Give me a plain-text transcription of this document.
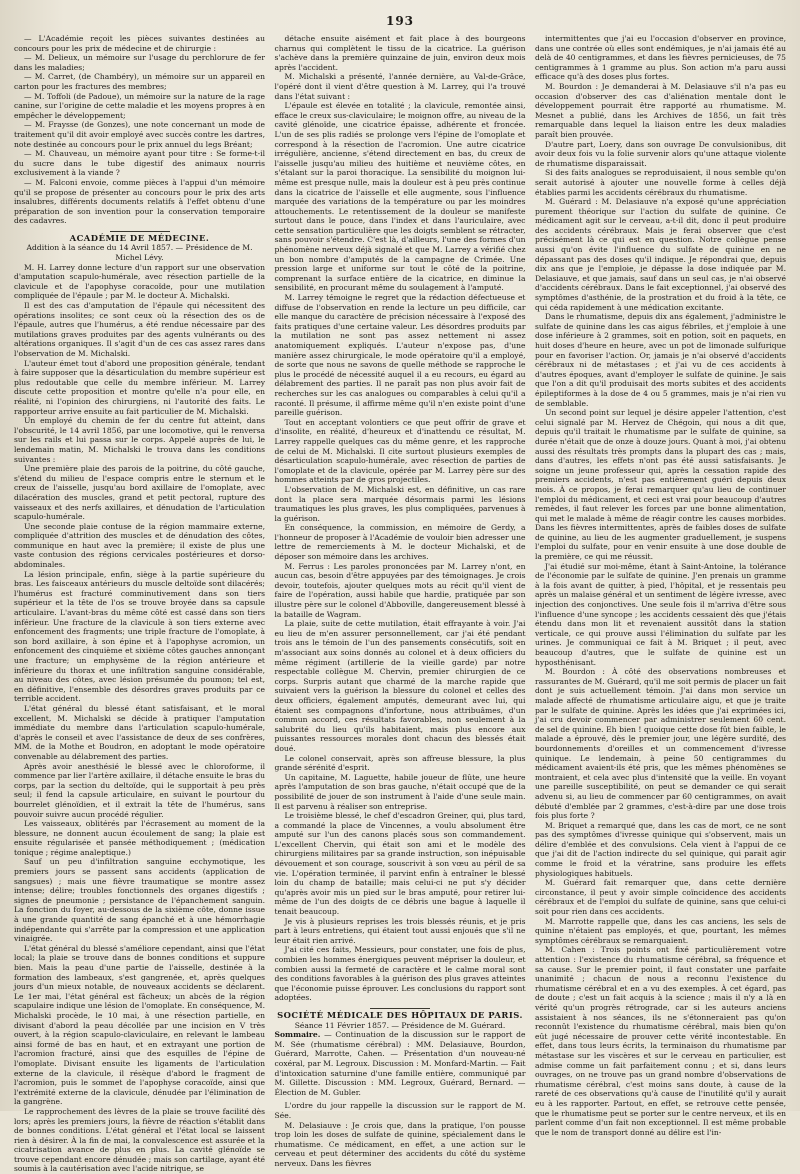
193

— L'Académie reçoit les pièces suivantes destinées au concours pour les prix de médecine et de chirurgie :

— M. Delieux, un mémoire sur l'usage du perchlorure de fer dans les maladies;

— M. Carret, (de Chambéry), un mémoire sur un appareil en carton pour les fractures des membres;

— M. Toffoli (de Padoue), un mémoire sur la nature de la rage canine, sur l'origine de cette maladie et les moyens propres à en empêcher le développement;

— M. Fraysse (de Gonzes), une note concernant un mode de traitement qu'il dit avoir employé avec succès contre les dartres, note destinée au concours pour le prix annuel du legs Bréant;

— M. Chauveau, un mémoire ayant pour titre : Se forme-t-il du sucre dans le tube digestif des animaux nourris exclusivement à la viande ?

— M. Falconi envoie, comme pièces à l'appui d'un mémoire qu'il se propose de présenter au concours pour le prix des arts insalubres, différents documents relatifs à l'effet obtenu d'une préparation de son invention pour la conservation temporaire des cadavres.

ACADÉMIE DE MÉDECINE.

Addition à la séance du 14 Avril 1857. — Présidence de M. Michel Lévy.

M. H. Larrey donne lecture d'un rapport sur une observation d'amputation scapulo-humérale, avec résection partielle de la clavicule et de l'apophyse coracoïde, pour une mutilation compliquée de l'épaule ; par M. le docteur A. Michalski.

Il est des cas d'amputation de l'épaule qui nécessitent des opérations insolites; ce sont ceux où la résection des os de l'épaule, autres que l'humérus, a été rendue nécessaire par des mutilations graves produites par des agents vulnérants ou des altérations organiques. Il s'agit d'un de ces cas assez rares dans l'observation de M. Michalski.

L'auteur émet tout d'abord une proposition générale, tendant à faire supposer que la désarticulation du membre supérieur est plus redoutable que celle du membre inférieur. M. Larrey discute cette proposition et montre qu'elle n'a pour elle, en réalité, ni l'opinion des chirurgiens, ni l'autorité des faits. Le rapporteur arrive ensuite au fait particulier de M. Michalski.

Un employé du chemin de fer du centre fut atteint, dans l'obscurité, le 14 avril 1856, par une locomotive, qui le renversa sur les rails et lui passa sur le corps. Appelé auprès de lui, le lendemain matin, M. Michalski le trouva dans les conditions suivantes :

Une première plaie des parois de la poitrine, du côté gauche, s'étend du milieu de l'espace compris entre le sternum et le creux de l'aisselle, jusqu'au bord axillaire de l'omoplate, avec dilacération des muscles, grand et petit pectoral, rupture des vaisseaux et des nerfs axillaires, et dénudation de l'articulation scapulo-humérale.

Une seconde plaie contuse de la région mammaire externe, compliquée d'attrition des muscles et de dénudation des côtes, communique en haut avec la première; il existe de plus une vaste contusion des régions cervicales postérieures et dorso-abdominales.

La lésion principale, enfin, siège à la partie supérieure du bras. Les faisceaux antérieurs du muscle deltoïde sont dilacérés; l'humérus est fracturé comminutivement dans son tiers supérieur et la tête de l'os se trouve broyée dans sa capsule articulaire. L'avant-bras du même côté est cassé dans son tiers inférieur. Une fracture de la clavicule à son tiers externe avec enfoncement des fragments; une triple fracture de l'omoplate, à son bord axillaire, à son épine et à l'apophyse acromion, un enfoncement des cinquième et sixième côtes gauches annonçant une fracture; un emphysème de la région antérieure et inférieure du thorax et une infiltration sanguine considérable, au niveau des côtes, avec lésion présumée du poumon; tel est, en définitive, l'ensemble des désordres graves produits par ce terrible accident.

L'état général du blessé étant satisfaisant, et le moral excellent, M. Michalski se décide à pratiquer l'amputation immédiate du membre dans l'articulation scapulo-humérale, d'après le conseil et avec l'assistance de deux de ses confrères, MM. de la Mothe et Boudron, en adoptant le mode opératoire convenable au délabrement des parties.

Après avoir anesthésié le blessé avec le chloroforme, il commence par lier l'artère axillaire, il détache ensuite le bras du corps, par la section du deltoïde, qui le supportait à peu près seul; il fend la capsule articulaire, en suivant le pourtour du bourrelet glénoïdien, et il extrait la tête de l'humérus, sans pouvoir suivre aucun procédé régulier.

Les vaisseaux, oblitérés par l'écrasement au moment de la blessure, ne donnent aucun écoulement de sang; la plaie est ensuite régularisée et pansée méthodiquement ; (médication tonique ; régime analeptique.)

Sauf un peu d'infiltration sanguine ecchymotique, les premiers jours se passent sans accidents (application de sangsues) ; mais une fièvre traumatique se montre assez intense; délire; troubles fonctionnels des organes digestifs ; signes de pneumonie ; persistance de l'épanchement sanguin. La fonction du foyer, au-dessous de la sixième côte, donne issue à une grande quantité de sang épanché et à une hémorrhagie indépendante qui s'arrête par la compression et une application vinaigrée.

L'état général du blessé s'améliore cependant, ainsi que l'état local; la plaie se trouve dans de bonnes conditions et suppure bien. Mais la peau d'une partie de l'aisselle, destinée à la formation des lambeaux, s'est gangrenée, et, après quelques jours d'un mieux notable, de nouveaux accidents se déclarent. Le 1er mai, l'état général est fâcheux; un abcès de la région scapulaire indique une lésion de l'omoplate. En conséquence, M. Michalski procède, le 10 mai, à une résection partielle, en divisant d'abord la peau décollée par une incision en V très ouvert, à la région scapulo-claviculaire, en relevant le lambeau ainsi formé de bas en haut, et en extrayant une portion de l'acromion fracturé, ainsi que des esquilles de l'épine de l'omoplate. Divisant ensuite les ligaments de l'articulation externe de la clavicule, il résèque d'abord le fragment de l'acromion, puis le sommet de l'apophyse coracoïde, ainsi que l'extrémité externe de la clavicule, dénudée par l'élimination de la gangrène.

Le rapprochement des lèvres de la plaie se trouve facilité dès lors; après les premiers jours, la fièvre de réaction s'établit dans de bonnes conditions. L'état général et l'état local se laissent rien à désirer. À la fin de mai, la convalescence est assurée et la cicatrisation avance de plus en plus. La cavité glénoïde se trouve cependant encore dénudée ; mais son cartilage, ayant été soumis à la cautérisation avec l'acide nitrique, se

détache ensuite aisément et fait place à des bourgeons charnus qui complètent le tissu de la cicatrice. La guérison s'achève dans la première quinzaine de juin, environ deux mois après l'accident.

M. Michalski a présenté, l'année dernière, au Val-de-Grâce, l'opéré dont il vient d'être question à M. Larrey, qui l'a trouvé dans l'état suivant :

L'épaule est élevée en totalité ; la clavicule, remontée ainsi, efface le creux sus-claviculaire; le moignon offre, au niveau de la cavité glénoïde, une cicatrice épaisse, adhérente et froncée. L'un de ses plis radiés se prolonge vers l'épine de l'omoplate et correspond à la résection de l'acromion. Une autre cicatrice irrégulière, ancienne, s'étend directement en bas, du creux de l'aisselle jusqu'au milieu des huitième et neuvième côtes, en s'étalant sur la paroi thoracique. La sensibilité du moignon lui-même est presque nulle, mais la douleur est à peu près continue dans la cicatrice de l'aisselle et elle augmente, sous l'influence marquée des variations de la température ou par les moindres attouchements. Le retentissement de la douleur se manifeste surtout dans le pouce, dans l'index et dans l'auriculaire, avec cette sensation particulière que les doigts semblent se rétracter, sans pouvoir s'étendre. C'est là, d'ailleurs, l'une des formes d'un phénomène nerveux déjà signalé et que M. Larrey a vérifié chez un bon nombre d'amputés de la campagne de Crimée. Une pression large et uniforme sur tout le côté de la poitrine, comprenant la surface entière de la cicatrice, en diminue la sensibilité, en procurant même du soulagement à l'amputé.

M. Larrey témoigne le regret que la rédaction défectueuse et diffuse de l'observation en rende la lecture un peu difficile, car elle manque du caractère de précision nécessaire à l'exposé des faits pratiques d'une certaine valeur. Les désordres produits par la mutilation ne sont pas assez nettement ni assez anatomiquement expliqués. L'auteur n'expose pas, d'une manière assez chirurgicale, le mode opératoire qu'il a employé, de sorte que nous ne savons de quelle méthode se rapproche le plus le procédé de nécessité auquel il a eu recours, eu égard au délabrement des parties. Il ne paraît pas non plus avoir fait de recherches sur les cas analogues ou comparables à celui qu'il a raconté. Il présume, il affirme même qu'il n'en existe point d'une pareille guérison.

Tout en acceptant volontiers ce que peut offrir de grave et d'insolite, en réalité, d'heureux et d'inattendu ce résultat, M. Larrey rappelle quelques cas du même genre, et les rapproche de celui de M. Michalski. Il cite surtout plusieurs exemples de désarticulation scapulo-humérale, avec résection de parties de l'omoplate et de la clavicule, opérée par M. Larrey père sur des hommes atteints par de gros projectiles.

L'observation de M. Michalski est, en définitive, un cas rare dont la place sera marquée désormais parmi les lésions traumatiques les plus graves, les plus compliquées, parvenues à la guérison.

En conséquence, la commission, en mémoire de Gerdy, a l'honneur de proposer à l'Académie de vouloir bien adresser une lettre de remerciements à M. le docteur Michalski, et de déposer son mémoire dans les archives.

M. Ferrus : Les paroles prononcées par M. Larrey n'ont, en aucun cas, besoin d'être appuyées par des témoignages. Je crois devoir, toutefois, ajouter quelques mots au récit qu'il vient de faire de l'opération, aussi habile que hardie, pratiquée par son illustre père sur le colonel d'Abboville, dangereusement blessé à la bataille de Wagram.

La plaie, suite de cette mutilation, était effrayante à voir. J'ai eu lieu de m'en assurer personnellement, car j'ai été pendant trois ans le témoin de l'un des pansements consécutifs, soit en m'associant aux soins donnés au colonel et à deux officiers du même régiment (artillerie de la vieille garde) par notre respectable collègue M. Chervin, premier chirurgien de ce corps. Surpris autant que charmé de la marche rapide que suivaient vers la guérison la blessure du colonel et celles des deux officiers, également amputés, demeurant avec lui, qui étaient ses compagnons d'infortune, nous attribuâmes, d'un commun accord, ces résultats favorables, non seulement à la salubrité du lieu qu'ils habitaient, mais plus encore aux puissantes ressources morales dont chacun des blessés était doué.

Le colonel conservait, après son affreuse blessure, la plus grande sérénité d'esprit.

Un capitaine, M. Laguette, habile joueur de flûte, une heure après l'amputation de son bras gauche, n'était occupé que de la possibilité de jouer de son instrument à l'aide d'une seule main. Il est parvenu à réaliser son entreprise.

Le troisième blessé, le chef d'escadron Greiner, qui, plus tard, a commandé la place de Vincennes, a voulu absolument être amputé sur l'un des canons placés sous son commandement. L'excellent Chervin, qui était son ami et le modèle des chirurgiens militaires par sa grande instruction, son inépuisable dévouement et son courage, souscrivit à son vœu au péril de sa vie. L'opération terminée, il parvint enfin à entraîner le blessé loin du champ de bataille; mais celui-ci ne put s'y décider qu'après avoir mis un pied sur le bras amputé, pour retirer lui-même de l'un des doigts de ce débris une bague à laquelle il tenait beaucoup.

Je vis à plusieurs reprises les trois blessés réunis, et je pris part à leurs entretiens, qui étaient tout aussi enjoués que s'il ne leur était rien arrivé.

J'ai cité ces faits, Messieurs, pour constater, une fois de plus, combien les hommes énergiques peuvent mépriser la douleur, et combien aussi la fermeté de caractère et le calme moral sont des conditions favorables à la guérison des plus graves atteintes que l'économie puisse éprouver. Les conclusions du rapport sont adoptées.

SOCIÉTÉ MÉDICALE DES HÔPITAUX DE PARIS.

Séance 11 Février 1857. — Présidence de M. Guérard.

Sommaire. — Continuation de la discussion sur le rapport de M. Sée (rhumatisme cérébral) : MM. Delasiauve, Bourdon, Guérard, Marrotte, Cahen. — Présentation d'un nouveau-né coxéral, par M. Legroux. Discussion : M. Monfard-Martin. — Fait d'intoxication saturnine d'une famille entière, communiqué par M. Gillette. Discussion : MM. Legroux, Guérard, Bernard. — Élection de M. Gubler.

L'ordre du jour rappelle la discussion sur le rapport de M. Sée.

M. Delasiauve : Je crois que, dans la pratique, l'on pousse trop loin les doses de sulfate de quinine, spécialement dans le rhumatisme. Ce médicament, en effet, a une action sur le cerveau et peut déterminer des accidents du côté du système nerveux. Dans les fièvres

intermittentes que j'ai eu l'occasion d'observer en province, dans une contrée où elles sont endémiques, je n'ai jamais été au delà de 40 centigrammes, et dans les fièvres pernicieuses, de 75 centigrammes à 1 gramme au plus. Son action m'a paru aussi efficace qu'à des doses plus fortes.

M. Bourdon : Je demanderai à M. Delasiauve s'il n'a pas eu occasion d'observer des cas d'aliénation mentale dont le développement pourrait être rapporté au rhumatisme. M. Mesnet a publié, dans les Archives de 1856, un fait très remarquable dans lequel la liaison entre les deux maladies paraît bien prouvée.

D'autre part, Loery, dans son ouvrage De convulsionibus, dit avoir deux fois vu la folie survenir alors qu'une attaque violente de rhumatisme disparaissait.

Si des faits analogues se reproduisaient, il nous semble qu'on serait autorisé à ajouter une nouvelle forme à celles déjà établies parmi les accidents cérébraux du rhumatisme.

M. Guérard : M. Delasiauve n'a exposé qu'une appréciation purement théorique sur l'action du sulfate de quinine. Ce médicament agit sur le cerveau, a-t-il dit, donc il peut produire des accidents cérébraux. Mais je ferai observer que c'est précisément là ce qui est en question. Notre collègue pense aussi qu'on évite l'influence du sulfate de quinine en ne dépassant pas des doses qu'il indique. Je répondrai que, depuis dix ans que je l'emploie, je dépasse la dose indiquée par M. Delasiauve, et que jamais, sauf dans un seul cas, je n'ai observé d'accidents cérébraux. Dans le fait exceptionnel, j'ai observé des symptômes d'asthénie, de la prostration et du froid à la tête, ce qui céda rapidement à une médication excitante.

Dans le rhumatisme, depuis dix ans également, j'administre le sulfate de quinine dans les cas aigus fébriles, et j'emploie à une dose inférieure à 2 grammes, soit en potion, soit en paquets, en huit doses d'heure en heure, avec un pot de limonade sulfurique pour en favoriser l'action. Or, jamais je n'ai observé d'accidents cérébraux ni de métastases ; et j'ai vu de ces accidents à d'autres époques, avant d'employer le sulfate de quinine. Je sais que l'on a dit qu'il produisait des morts subites et des accidents épileptiformes à la dose de 4 ou 5 grammes, mais je n'ai rien vu de semblable.

Un second point sur lequel je désire appeler l'attention, c'est celui signalé par M. Hervez de Chégoin, qui nous a dit que, depuis qu'il traitait le rhumatisme par le sulfate de quinine, sa durée n'était que de onze à douze jours. Quant à moi, j'ai obtenu aussi des résultats très prompts dans la plupart des cas ; mais, dans d'autres, les effets n'ont pas été aussi satisfaisants. Je soigne un jeune professeur qui, après la cessation rapide des premiers accidents, n'est pas entièrement guéri depuis deux mois. À ce propos, je ferai remarquer qu'au lieu de continuer l'emploi du médicament, et ceci est vrai pour beaucoup d'autres remèdes, il faut relever les forces par une bonne alimentation, qui met le malade à même de réagir contre les causes morbides. Dans les fièvres intermittentes, après de faibles doses de sulfate de quinine, au lieu de les augmenter graduellement, je suspens l'emploi du sulfate, pour en venir ensuite à une dose double de la première, ce qui me réussit.

J'ai étudié sur moi-même, étant à Saint-Antoine, la tolérance de l'économie par le sulfate de quinine. J'en prenais un gramme à la fois avant de quitter, à pied, l'hôpital, et je ressentais peu après un malaise général et un sentiment de légère ivresse, avec injection des conjonctives. Une seule fois il m'arriva d'être sous l'influence d'une syncope ; les accidents cessaient dès que j'étais étendu dans mon lit et revenaient aussitôt dans la station verticale, ce qui prouve aussi l'élimination du sulfate par les urines. Je communiquai ce fait à M. Briquet ; il peut, avec beaucoup d'autres, que le sulfate de quinine est un hyposthénisant.

M. Bourdon : À côté des observations nombreuses et rassurantes de M. Guérard, qu'il me soit permis de placer un fait dont je suis actuellement témoin. J'ai dans mon service un malade affecté de rhumatisme articulaire aigu, et que je traite par le sulfate de quinine. Après les idées que j'ai exprimées ici, j'ai cru devoir commencer par administrer seulement 60 cent. de sel de quinine. Eh bien ! quoique cette dose fût bien faible, le malade a éprouvé, dès le premier jour, une légère surdité, des bourdonnements d'oreilles et un commencement d'ivresse quinique. Le lendemain, à peine 50 centigrammes du médicament avaient-ils été pris, que les mêmes phénomènes se montraient, et cela avec plus d'intensité que la veille. En voyant une pareille susceptibilité, on peut se demander ce qui serait advenu si, au lieu de commencer par 60 centigrammes, on avait débuté d'emblée par 2 grammes, c'est-à-dire par une dose trois fois plus forte ?

M. Briquet a remarqué que, dans les cas de mort, ce ne sont pas des symptômes d'ivresse quinique qui s'observent, mais un délire d'emblée et des convulsions. Cela vient à l'appui de ce que j'ai dit de l'action indirecte du sel quinique, qui parait agir comme le froid et la vératrine, sans produire les effets physiologiques habituels.

M. Guérard fait remarquer que, dans cette dernière circonstance, il peut y avoir simple coïncidence des accidents cérébraux et de l'emploi du sulfate de quinine, sans que celui-ci soit pour rien dans ces accidents.

M. Marrotte rappelle que, dans les cas anciens, les sels de quinine n'étaient pas employés, et que, pourtant, les mêmes symptômes cérébraux se remarquaient.

M. Cahen : Trois points ont fixé particulièrement votre attention : l'existence du rhumatisme cérébral, sa fréquence et sa cause. Sur le premier point, il faut constater une parfaite unanimité ; chacun de nous a reconnu l'existence du rhumatisme cérébral et en a vu des exemples. À cet égard, pas de doute ; c'est un fait acquis à la science ; mais il n'y a là en vérité qu'un progrès rétrograde, car si les auteurs anciens assistaient à nos séances, ils ne s'étonneraient pas qu'on reconnût l'existence du rhumatisme cérébral, mais bien qu'on eût jugé nécessaire de prouver cette vérité incontestable. En effet, dans tous leurs écrits, la terminaison du rhumatisme par métastase sur les viscères et sur le cerveau en particulier, est admise comme un fait parfaitement connu ; et si, dans leurs ouvrages, on ne trouve pas un grand nombre d'observations de rhumatisme cérébral, c'est moins sans doute, à cause de la rareté de ces observations qu'à cause de l'inutilité qu'il y aurait eu à les rapporter. Partout, en effet, se retrouve cette pensée, que le rhumatisme peut se porter sur le centre nerveux, et ils en parlent comme d'un fait non exceptionnel. Il est même probable que le nom de transport donné au délire est l'in-
